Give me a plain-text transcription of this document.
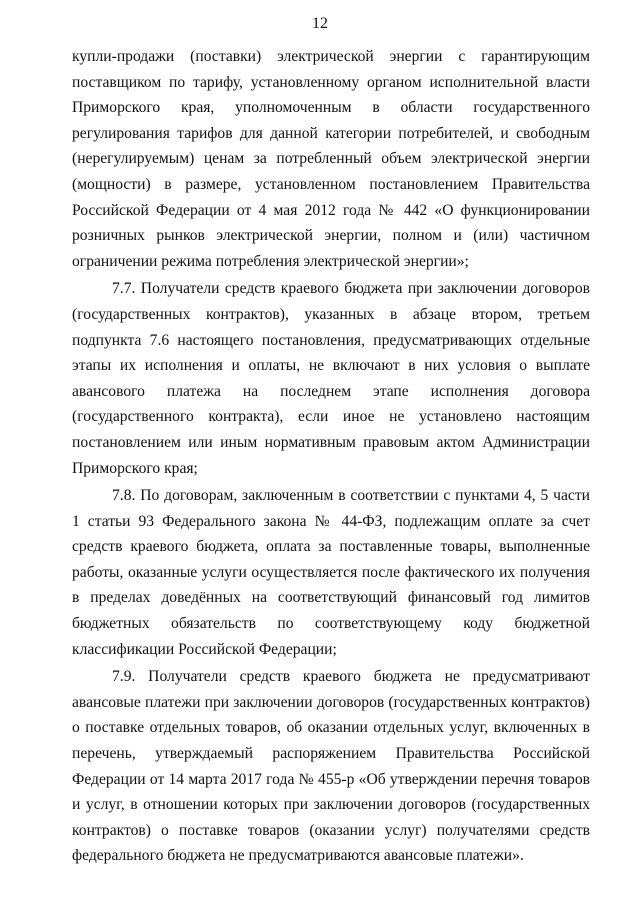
12

купли-продажи (поставки) электрической энергии с гарантирующим поставщиком по тарифу, установленному органом исполнительной власти Приморского края, уполномоченным в области государственного регулирования тарифов для данной категории потребителей, и свободным (нерегулируемым) ценам за потребленный объем электрической энергии (мощности) в размере, установленном постановлением Правительства Российской Федерации от 4 мая 2012 года № 442 «О функционировании розничных рынков электрической энергии, полном и (или) частичном ограничении режима потребления электрической энергии»;

7.7. Получатели средств краевого бюджета при заключении договоров (государственных контрактов), указанных в абзаце втором, третьем подпункта 7.6 настоящего постановления, предусматривающих отдельные этапы их исполнения и оплаты, не включают в них условия о выплате авансового платежа на последнем этапе исполнения договора (государственного контракта), если иное не установлено настоящим постановлением или иным нормативным правовым актом Администрации Приморского края;

7.8. По договорам, заключенным в соответствии с пунктами 4, 5 части 1 статьи 93 Федерального закона № 44-ФЗ, подлежащим оплате за счет средств краевого бюджета, оплата за поставленные товары, выполненные работы, оказанные услуги осуществляется после фактического их получения в пределах доведённых на соответствующий финансовый год лимитов бюджетных обязательств по соответствующему коду бюджетной классификации Российской Федерации;

7.9. Получатели средств краевого бюджета не предусматривают авансовые платежи при заключении договоров (государственных контрактов) о поставке отдельных товаров, об оказании отдельных услуг, включенных в перечень, утверждаемый распоряжением Правительства Российской Федерации от 14 марта 2017 года № 455-р «Об утверждении перечня товаров и услуг, в отношении которых при заключении договоров (государственных контрактов) о поставке товаров (оказании услуг) получателями средств федерального бюджета не предусматриваются авансовые платежи».
